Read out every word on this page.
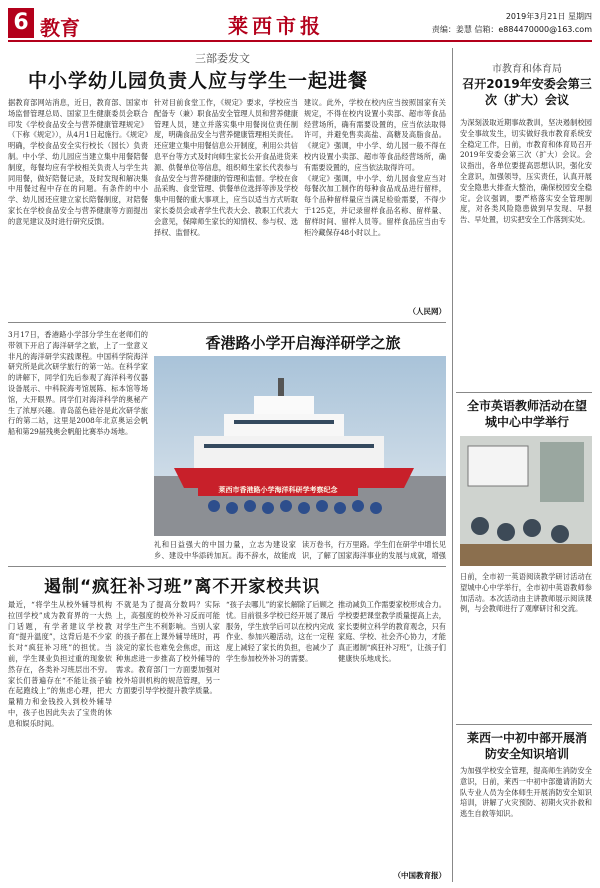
6 教育	莱西市报	2019年3月21日 星期四
责编：姜慧 信箱：e884470000@163.com
三部委发文
中小学幼儿园负责人应与学生一起进餐
据教育部网站消息，近日，教育部、国家市场监督管理总局、国家卫生健康委员会联合印发《学校食品安全与营养健康管理规定》（下称《规定》），从4月1日起施行。《规定》明确，学校食品安全实行校长（园长）负责制。中小学、幼儿园应当建立集中用餐陪餐制度，每餐均应有学校相关负责人与学生共同用餐，做好陪餐记录，及时发现和解决集中用餐过程中存在的问题。有条件的中小学、幼儿园还应建立家长陪餐制度，对陪餐家长在学校食品安全与营养健康等方面提出的意见建议及时进行研究反馈。
针对目前食堂工作，《规定》要求，学校应当配备专（兼）职食品安全管理人员和营养健康管理人员，建立并落实集中用餐岗位责任制度，明确食品安全与营养健康管理相关责任。还应建立集中用餐信息公开制度，利用公共信息平台等方式及时向师生家长公开食品进货来源、供餐单位等信息，组织师生家长代表参与食品安全与营养健康的管理和监督。学校在食品采购、食堂管理、供餐单位选择等涉及学校集中用餐的重大事项上，应当以适当方式听取家长委员会或者学生代表大会、教职工代表大会意见，保障师生家长的知情权、参与权、选择权、监督权。
建议。此外，学校在校内应当按照国家有关规定，不得在校内设置小卖部、超市等食品经营场所，确有需要设置的，应当依法取得许可，并避免售卖高盐、高糖及高脂食品。《规定》强调，中小学、幼儿园一般不得在校内设置小卖部、超市等食品经营场所，确有需要设置的，应当依法取得许可。
《规定》强调，中小学、幼儿园食堂应当对每餐次加工制作的每种食品成品进行留样，每个品种留样量应当满足检验需要，不得少于125克，并记录留样食品名称、留样量、留样时间、留样人员等。留样食品应当由专柜冷藏保存48小时以上。
（人民网）
3月17日，香港路小学部分学生在老师们的带领下开启了海洋研学之旅，上了一堂意义非凡的海洋研学实践课程。中国科学院海洋研究所是此次研学旅行的第一站。在科学家的讲解下，同学们先后参观了海洋科考仪器设备展示、中科院海考馆展陈、标本馆等场馆，大开眼界。同学们对海洋科学的奥秘产生了浓厚兴趣。青岛蓝色硅谷是此次研学旅行的第二站，这里是2008年北京奥运会帆船和第29届残奥会帆船比赛举办场地。
香港路小学开启海洋研学之旅
莱西市香港路小学海洋科研学考察纪念
礼和日益强大的中国力量，立志为建设家乡、建设中华添砖加瓦。海不辞水，故能成
读万卷书，行万里路。学生们在研学中增长见识，了解了国家海洋事业的发展与成就，增强
遏制“疯狂补习班”离不开家校共识
最近，“将学生从校外辅导机构拉回学校”成为教育界的一大热门话题，有学者建议学校教育“提升温度”，这背后是不少家长对“疯狂补习班”的担忧。当前，学生课业负担过重的现象依然存在，各类补习班层出不穷。家长们普遍存在“不能让孩子输在起跑线上”的焦虑心理，把大量精力和金钱投入到校外辅导中，孩子也因此失去了宝贵的休息和娱乐时间。
不就是为了提高分数吗？实际上，高强度的校外补习反而可能对学生产生不利影响。当别人家的孩子都在上课外辅导班时，再淡定的家长也难免会焦虑，而这种焦虑进一步推高了校外辅导的需求。教育部门一方面要加强对校外培训机构的规范管理，另一方面要引导学校提升教学质量。
“孩子去哪儿”的家长解除了后顾之忧。目前很多学校已经开展了课后服务，学生放学后可以在校内完成作业、参加兴趣活动，这在一定程度上减轻了家长的负担，也减少了学生参加校外补习的需要。
推动减负工作需要家校形成合力。学校要把课堂教学质量提高上去，家长要树立科学的教育观念，只有家庭、学校、社会齐心协力，才能真正遏制“疯狂补习班”，让孩子们健康快乐地成长。
（中国教育报）
市教育和体育局
召开2019年安委会第三次（扩大）会议
为深刻汲取近期事故教训，坚决遏制校园安全事故发生，切实做好我市教育系统安全稳定工作，日前，市教育和体育局召开2019年安委会第三次（扩大）会议。会议指出，各单位要提高思想认识，强化安全意识，加强领导，压实责任，认真开展安全隐患大排查大整治，确保校园安全稳定。会议强调，要严格落实安全管理制度，对各类风险隐患做到早发现、早报告、早处置，切实把安全工作落到实处。
全市英语教师活动在望城中心中学举行
日前，全市初一英语阅读教学研讨活动在望城中心中学举行，全市初中英语教师参加活动。本次活动由主讲教师展示阅读课例，与会教师进行了观摩研讨和交流。
莱西一中初中部开展消防安全知识培训
为加强学校安全管理，提高师生消防安全意识，日前，莱西一中初中部邀请消防大队专业人员为全体师生开展消防安全知识培训，讲解了火灾预防、初期火灾扑救和逃生自救等知识。
